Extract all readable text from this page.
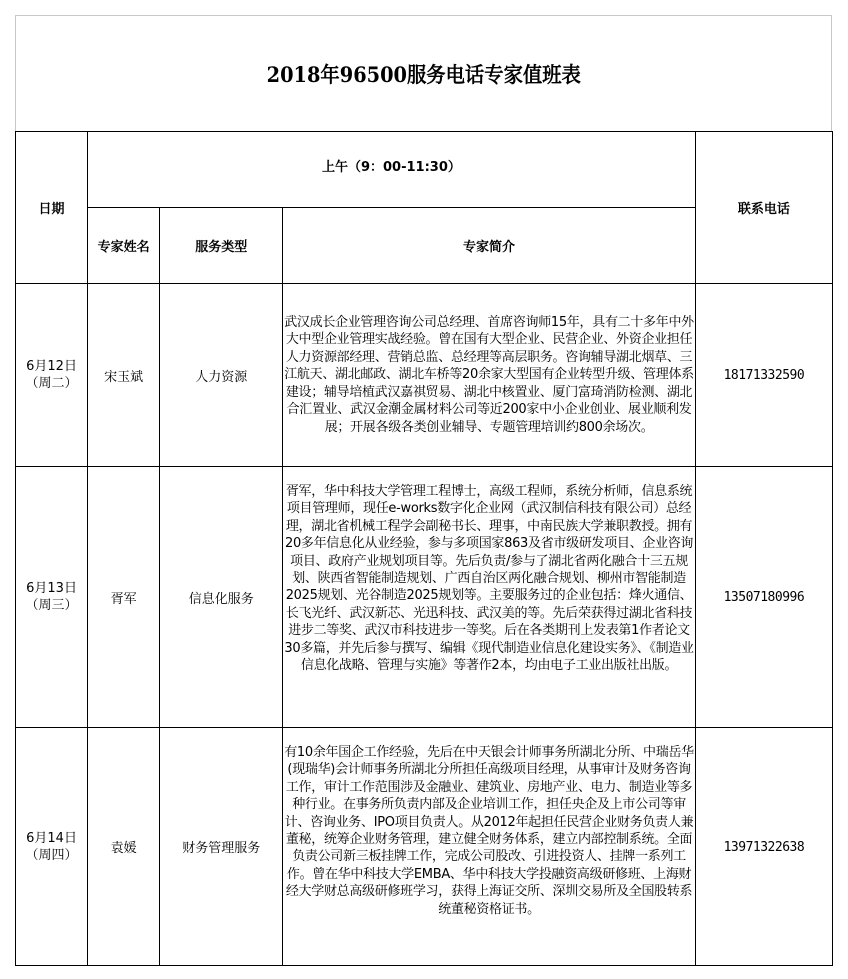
2018年96500服务电话专家值班表
日期	上午（9：00-11:30）			联系电话
	专家姓名	服务类型	专家简介	

6月12日
（周二）	宋玉斌	人力资源	武汉成长企业管理咨询公司总经理、首席咨询师15年，具有二十多年中外大中型企业管理实战经验。曾在国有大型企业、民营企业、外资企业担任人力资源部经理、营销总监、总经理等高层职务。咨询辅导湖北烟草、三江航天、湖北邮政、湖北车桥等20余家大型国有企业转型升级、管理体系建设；辅导培植武汉嘉祺贸易、湖北中核置业、厦门富琦消防检测、湖北合汇置业、武汉金潮金属材料公司等近200家中小企业创业、展业顺利发展；开展各级各类创业辅导、专题管理培训约800余场次。	18171332590

6月13日
（周三）	胥军	信息化服务	胥军，华中科技大学管理工程博士，高级工程师，系统分析师，信息系统项目管理师，现任e-works数字化企业网（武汉制信科技有限公司）总经理，湖北省机械工程学会副秘书长、理事，中南民族大学兼职教授。拥有20多年信息化从业经验，参与多项国家863及省市级研发项目、企业咨询项目、政府产业规划项目等。先后负责/参与了湖北省两化融合十三五规划、陕西省智能制造规划、广西自治区两化融合规划、柳州市智能制造2025规划、光谷制造2025规划等。主要服务过的企业包括：烽火通信、长飞光纤、武汉新芯、光迅科技、武汉美的等。先后荣获得过湖北省科技进步二等奖、武汉市科技进步一等奖。后在各类期刊上发表第1作者论文30多篇，并先后参与撰写、编辑《现代制造业信息化建设实务》、《制造业信息化战略、管理与实施》等著作2本，均由电子工业出版社出版。	13507180996

6月14日
（周四）	袁媛	财务管理服务	有10余年国企工作经验，先后在中天银会计师事务所湖北分所、中瑞岳华(现瑞华)会计师事务所湖北分所担任高级项目经理，从事审计及财务咨询工作，审计工作范围涉及金融业、建筑业、房地产业、电力、制造业等多种行业。在事务所负责内部及企业培训工作，担任央企及上市公司等审计、咨询业务、IPO项目负责人。从2012年起担任民营企业财务负责人兼董秘，统筹企业财务管理，建立健全财务体系，建立内部控制系统。全面负责公司新三板挂牌工作，完成公司股改、引进投资人、挂牌一系列工作。曾在华中科技大学EMBA、华中科技大学投融资高级研修班、上海财经大学财总高级研修班学习，获得上海证交所、深圳交易所及全国股转系统董秘资格证书。	13971322638
